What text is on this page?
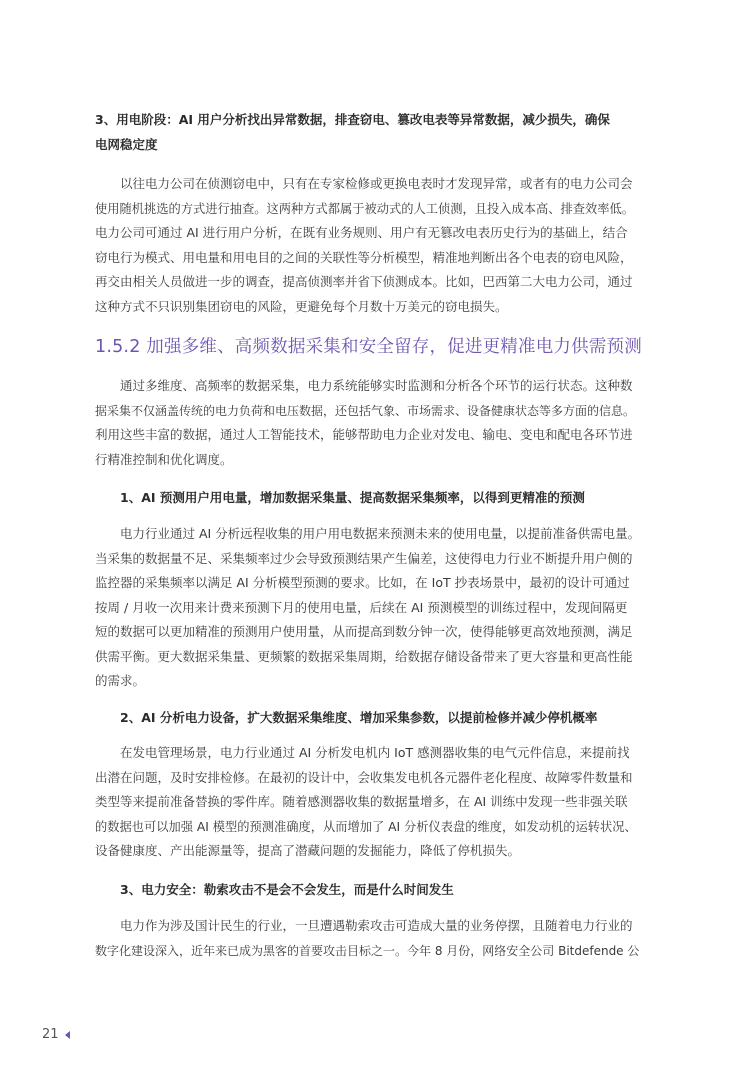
3、用电阶段：AI 用户分析找出异常数据，排查窃电、篡改电表等异常数据，减少损失，确保
电网稳定度
以往电力公司在侦测窃电中，只有在专家检修或更换电表时才发现异常，或者有的电力公司会
使用随机挑选的方式进行抽查。这两种方式都属于被动式的人工侦测，且投入成本高、排查效率低。
电力公司可通过 AI 进行用户分析，在既有业务规则、用户有无篡改电表历史行为的基础上，结合
窃电行为模式、用电量和用电目的之间的关联性等分析模型，精准地判断出各个电表的窃电风险，
再交由相关人员做进一步的调查，提高侦测率并省下侦测成本。比如，巴西第二大电力公司，通过
这种方式不只识别集团窃电的风险，更避免每个月数十万美元的窃电损失。
1.5.2 加强多维、高频数据采集和安全留存，促进更精准电力供需预测
通过多维度、高频率的数据采集，电力系统能够实时监测和分析各个环节的运行状态。这种数
据采集不仅涵盖传统的电力负荷和电压数据，还包括气象、市场需求、设备健康状态等多方面的信息。
利用这些丰富的数据，通过人工智能技术，能够帮助电力企业对发电、输电、变电和配电各环节进
行精准控制和优化调度。
1、AI 预测用户用电量，增加数据采集量、提高数据采集频率，以得到更精准的预测
电力行业通过 AI 分析远程收集的用户用电数据来预测未来的使用电量，以提前准备供需电量。
当采集的数据量不足、采集频率过少会导致预测结果产生偏差，这使得电力行业不断提升用户侧的
监控器的采集频率以满足 AI 分析模型预测的要求。比如，在 IoT 抄表场景中，最初的设计可通过
按周 / 月收一次用来计费来预测下月的使用电量，后续在 AI 预测模型的训练过程中，发现间隔更
短的数据可以更加精准的预测用户使用量，从而提高到数分钟一次，使得能够更高效地预测，满足
供需平衡。更大数据采集量、更频繁的数据采集周期，给数据存储设备带来了更大容量和更高性能
的需求。
2、AI 分析电力设备，扩大数据采集维度、增加采集参数，以提前检修并减少停机概率
在发电管理场景，电力行业通过 AI 分析发电机内 IoT 感测器收集的电气元件信息，来提前找
出潜在问题，及时安排检修。在最初的设计中，会收集发电机各元器件老化程度、故障零件数量和
类型等来提前准备替换的零件库。随着感测器收集的数据量增多，在 AI 训练中发现一些非强关联
的数据也可以加强 AI 模型的预测准确度，从而增加了 AI 分析仪表盘的维度，如发动机的运转状况、
设备健康度、产出能源量等，提高了潜藏问题的发掘能力，降低了停机损失。
3、电力安全：勒索攻击不是会不会发生，而是什么时间发生
电力作为涉及国计民生的行业，一旦遭遇勒索攻击可造成大量的业务停摆，且随着电力行业的
数字化建设深入，近年来已成为黑客的首要攻击目标之一。今年 8 月份，网络安全公司 Bitdefende 公
21
